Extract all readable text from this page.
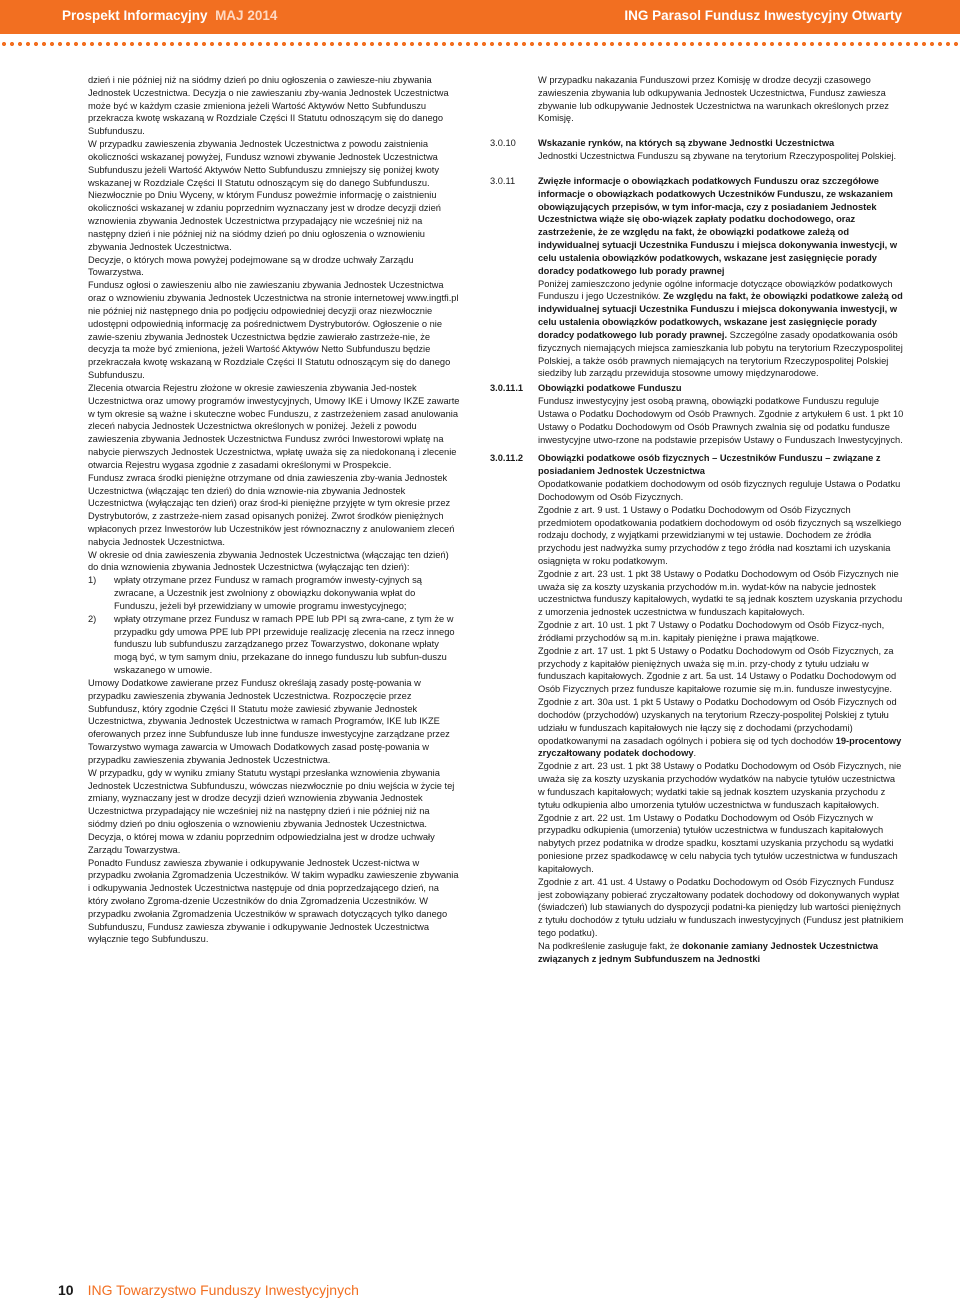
Prospekt Informacyjny MAJ 2014	ING Parasol Fundusz Inwestycyjny Otwarty

dzień i nie później niż na siódmy dzień po dniu ogłoszenia o zawiesze-niu zbywania Jednostek Uczestnictwa. Decyzja o nie zawieszaniu zby-wania Jednostek Uczestnictwa może być w każdym czasie zmieniona jeżeli Wartość Aktywów Netto Subfunduszu przekracza kwotę wskazaną w Rozdziale Części II Statutu odnoszącym się do danego Subfunduszu.

W przypadku zawieszenia zbywania Jednostek Uczestnictwa z powodu zaistnienia okoliczności wskazanej powyżej, Fundusz wznowi zbywanie Jednostek Uczestnictwa Subfunduszu jeżeli Wartość Aktywów Netto Subfunduszu zmniejszy się poniżej kwoty wskazanej w Rozdziale Części II Statutu odnoszącym się do danego Subfunduszu.

Niezwłocznie po Dniu Wyceny, w którym Fundusz poweźmie informację o zaistnieniu okoliczności wskazanej w zdaniu poprzednim wyznaczany jest w drodze decyzji dzień wznowienia zbywania Jednostek Uczestnictwa przypadający nie wcześniej niż na następny dzień i nie później niż na siódmy dzień po dniu ogłoszenia o wznowieniu zbywania Jednostek Uczestnictwa.

Decyzje, o których mowa powyżej podejmowane są w drodze uchwały Zarządu Towarzystwa.

Fundusz ogłosi o zawieszeniu albo nie zawieszaniu zbywania Jednostek Uczestnictwa oraz o wznowieniu zbywania Jednostek Uczestnictwa na stronie internetowej www.ingtfi.pl nie później niż następnego dnia po podjęciu odpowiedniej decyzji oraz niezwłocznie udostępni odpowiednią informację za pośrednictwem Dystrybutorów. Ogłoszenie o nie zawie-szeniu zbywania Jednostek Uczestnictwa będzie zawierało zastrzeże-nie, że decyzja ta może być zmieniona, jeżeli Wartość Aktywów Netto Subfunduszu będzie przekraczała kwotę wskazaną w Rozdziale Części II Statutu odnoszącym się do danego Subfunduszu.

Zlecenia otwarcia Rejestru złożone w okresie zawieszenia zbywania Jed-nostek Uczestnictwa oraz umowy programów inwestycyjnych, Umowy IKE i Umowy IKZE zawarte w tym okresie są ważne i skuteczne wobec Funduszu, z zastrzeżeniem zasad anulowania zleceń nabycia Jednostek Uczestnictwa określonych w poniżej. Jeżeli z powodu zawieszenia zbywania Jednostek Uczestnictwa Fundusz zwróci Inwestorowi wpłatę na nabycie pierwszych Jednostek Uczestnictwa, wpłatę uważa się za niedokonaną i zlecenie otwarcia Rejestru wygasa zgodnie z zasadami określonymi w Prospekcie.

Fundusz zwraca środki pieniężne otrzymane od dnia zawieszenia zby-wania Jednostek Uczestnictwa (włączając ten dzień) do dnia wznowie-nia zbywania Jednostek Uczestnictwa (wyłączając ten dzień) oraz środ-ki pieniężne przyjęte w tym okresie przez Dystrybutorów, z zastrzeże-niem zasad opisanych poniżej. Zwrot środków pieniężnych wpłaconych przez Inwestorów lub Uczestników jest równoznaczny z anulowaniem zleceń nabycia Jednostek Uczestnictwa.

W okresie od dnia zawieszenia zbywania Jednostek Uczestnictwa (włączając ten dzień) do dnia wznowienia zbywania Jednostek Uczestnictwa (wyłączając ten dzień):

1) wpłaty otrzymane przez Fundusz w ramach programów inwesty-cyjnych są zwracane, a Uczestnik jest zwolniony z obowiązku dokonywania wpłat do Funduszu, jeżeli był przewidziany w umowie programu inwestycyjnego;
2) wpłaty otrzymane przez Fundusz w ramach PPE lub PPI są zwra-cane, z tym że w przypadku gdy umowa PPE lub PPI przewiduje realizację zlecenia na rzecz innego funduszu lub subfunduszu zarządzanego przez Towarzystwo, dokonane wpłaty mogą być, w tym samym dniu, przekazane do innego funduszu lub subfun-duszu wskazanego w umowie.

Umowy Dodatkowe zawierane przez Fundusz określają zasady postę-powania w przypadku zawieszenia zbywania Jednostek Uczestnictwa. Rozpoczęcie przez Subfundusz, który zgodnie Części II Statutu może zawiesić zbywanie Jednostek Uczestnictwa, zbywania Jednostek Uczestnictwa w ramach Programów, IKE lub IKZE oferowanych przez inne Subfundusze lub inne fundusze inwestycyjne zarządzane przez Towarzystwo wymaga zawarcia w Umowach Dodatkowych zasad postę-powania w przypadku zawieszenia zbywania Jednostek Uczestnictwa.

W przypadku, gdy w wyniku zmiany Statutu wystąpi przesłanka wznowienia zbywania Jednostek Uczestnictwa Subfunduszu, wówczas niezwłocznie po dniu wejścia w życie tej zmiany, wyznaczany jest w drodze decyzji dzień wznowienia zbywania Jednostek Uczestnictwa przypadający nie wcześniej niż na następny dzień i nie później niż na siódmy dzień po dniu ogłoszenia o wznowieniu zbywania Jednostek Uczestnictwa. Decyzja, o której mowa w zdaniu poprzednim odpowiedzialna jest w drodze uchwały Zarządu Towarzystwa.

Ponadto Fundusz zawiesza zbywanie i odkupywanie Jednostek Uczest-nictwa w przypadku zwołania Zgromadzenia Uczestników. W takim wypadku zawieszenie zbywania i odkupywania Jednostek Uczestnictwa następuje od dnia poprzedzającego dzień, na który zwołano Zgroma-dzenie Uczestników do dnia Zgromadzenia Uczestników. W przypadku zwołania Zgromadzenia Uczestników w sprawach dotyczących tylko danego Subfunduszu, Fundusz zawiesza zbywanie i odkupywanie Jednostek Uczestnictwa wyłącznie tego Subfunduszu.

W przypadku nakazania Funduszowi przez Komisję w drodze decyzji czasowego zawieszenia zbywania lub odkupywania Jednostek Uczestnictwa, Fundusz zawiesza zbywanie lub odkupywanie Jednostek Uczestnictwa na warunkach określonych przez Komisję.

3.0.10 Wskazanie rynków, na których są zbywane Jednostki Uczestnictwa

Jednostki Uczestnictwa Funduszu są zbywane na terytorium Rzeczypospolitej Polskiej.

3.0.11 Zwięzłe informacje o obowiązkach podatkowych Funduszu oraz szczegółowe informacje o obowiązkach podatkowych Uczestników Funduszu, ze wskazaniem obowiązujących przepisów, w tym infor-macja, czy z posiadaniem Jednostek Uczestnictwa wiąże się obo-wiązek zapłaty podatku dochodowego, oraz zastrzeżenie, że ze względu na fakt, że obowiązki podatkowe zależą od indywidualnej sytuacji Uczestnika Funduszu i miejsca dokonywania inwestycji, w celu ustalenia obowiązków podatkowych, wskazane jest zasięgnięcie porady doradcy podatkowego lub porady prawnej

Poniżej zamieszczono jedynie ogólne informacje dotyczące obowiązków podatkowych Funduszu i jego Uczestników. Ze względu na fakt, że obowiązki podatkowe zależą od indywidualnej sytuacji Uczestnika Funduszu i miejsca dokonywania inwestycji, w celu ustalenia obowiązków podatkowych, wskazane jest zasięgnięcie porady doradcy podatkowego lub porady prawnej. Szczególne zasady opodatkowania osób fizycznych niemających miejsca zamieszkania lub pobytu na terytorium Rzeczypospolitej Polskiej, a także osób prawnych niemających na terytorium Rzeczypospolitej Polskiej siedziby lub zarządu przewiduja stosowne umowy międzynarodowe.

3.0.11.1 Obowiązki podatkowe Funduszu

Fundusz inwestycyjny jest osobą prawną, obowiązki podatkowe Funduszu reguluje Ustawa o Podatku Dochodowym od Osób Prawnych. Zgodnie z artykułem 6 ust. 1 pkt 10 Ustawy o Podatku Dochodowym od Osób Prawnych zwalnia się od podatku fundusze inwestycyjne utwo-rzone na podstawie przepisów Ustawy o Funduszach Inwestycyjnych.

3.0.11.2 Obowiązki podatkowe osób fizycznych – Uczestników Funduszu – związane z posiadaniem Jednostek Uczestnictwa

Opodatkowanie podatkiem dochodowym od osób fizycznych reguluje Ustawa o Podatku Dochodowym od Osób Fizycznych.

Zgodnie z art. 9 ust. 1 Ustawy o Podatku Dochodowym od Osób Fizycznych przedmiotem opodatkowania podatkiem dochodowym od osób fizycznych są wszelkiego rodzaju dochody, z wyjątkami przewidzianymi w tej ustawie. Dochodem ze źródła przychodu jest nadwyżka sumy przychodów z tego źródła nad kosztami ich uzyskania osiągnięta w roku podatkowym.

Zgodnie z art. 23 ust. 1 pkt 38 Ustawy o Podatku Dochodowym od Osób Fizycznych nie uważa się za koszty uzyskania przychodów m.in. wydat-ków na nabycie jednostek uczestnictwa funduszy kapitałowych, wydatki te są jednak kosztem uzyskania przychodu z umorzenia jednostek uczestnictwa w funduszach kapitałowych.

Zgodnie z art. 10 ust. 1 pkt 7 Ustawy o Podatku Dochodowym od Osób Fizycz-nych, źródłami przychodów są m.in. kapitały pieniężne i prawa majątkowe.

Zgodnie z art. 17 ust. 1 pkt 5 Ustawy o Podatku Dochodowym od Osób Fizycznych, za przychody z kapitałów pieniężnych uważa się m.in. przy-chody z tytułu udziału w funduszach kapitałowych. Zgodnie z art. 5a ust. 14 Ustawy o Podatku Dochodowym od Osób Fizycznych przez fundusze kapitałowe rozumie się m.in. fundusze inwestycyjne.

Zgodnie z art. 30a ust. 1 pkt 5 Ustawy o Podatku Dochodowym od Osób Fizycznych od dochodów (przychodów) uzyskanych na terytorium Rzeczy-pospolitej Polskiej z tytułu udziału w funduszach kapitałowych nie łączy się z dochodami (przychodami) opodatkowanymi na zasadach ogólnych i pobiera się od tych dochodów 19-procentowy zryczałtowany podatek dochodowy.

Zgodnie z art. 23 ust. 1 pkt 38 Ustawy o Podatku Dochodowym od Osób Fizycznych, nie uważa się za koszty uzyskania przychodów wydatków na nabycie tytułów uczestnictwa w funduszach kapitałowych; wydatki takie są jednak kosztem uzyskania przychodu z tytułu odkupienia albo umorzenia tytułów uczestnictwa w funduszach kapitałowych.

Zgodnie z art. 22 ust. 1m Ustawy o Podatku Dochodowym od Osób Fizycznych w przypadku odkupienia (umorzenia) tytułów uczestnictwa w funduszach kapitałowych nabytych przez podatnika w drodze spadku, kosztami uzyskania przychodu są wydatki poniesione przez spadkodawcę w celu nabycia tych tytułów uczestnictwa w funduszach kapitałowych.

Zgodnie z art. 41 ust. 4 Ustawy o Podatku Dochodowym od Osób Fizycznych Fundusz jest zobowiązany pobierać zryczałtowany podatek dochodowy od dokonywanych wypłat (świadczeń) lub stawianych do dyspozycji podatni-ka pieniędzy lub wartości pieniężnych z tytułu dochodów z tytułu udziału w funduszach inwestycyjnych (Fundusz jest płatnikiem tego podatku).

Na podkreślenie zasługuje fakt, że dokonanie zamiany Jednostek Uczestnictwa związanych z jednym Subfunduszem na Jednostki

10 ING Towarzystwo Funduszy Inwestycyjnych
